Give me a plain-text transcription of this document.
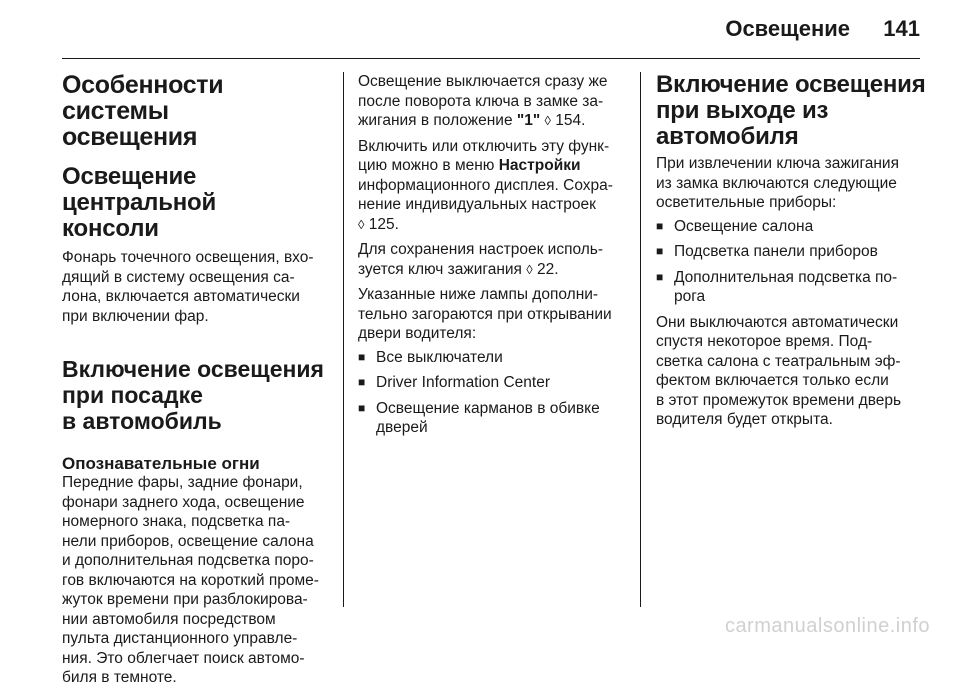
Освещение 141
Особенности системы
освещения
Освещение центральной
консоли

Фонарь точечного освещения, вхо-
дящий в систему освещения са-
лона, включается автоматически
при включении фар.

Включение освещения
при посадке
в автомобиль
Опознавательные огни

Передние фары, задние фонари,
фонари заднего хода, освещение
номерного знака, подсветка па-
нели приборов, освещение салона
и дополнительная подсветка поро-
гов включаются на короткий проме-
жуток времени при разблокирова-
нии автомобиля посредством
пульта дистанционного управле-
ния. Это облегчает поиск автомо-
биля в темноте.

Освещение выключается сразу же
после поворота ключа в замке за-
жигания в положение "1" ◊ 154.

Включить или отключить эту функ-
цию можно в меню Настройки
информационного дисплея. Сохра-
нение индивидуальных настроек
◊ 125.

Для сохранения настроек исполь-
зуется ключ зажигания ◊ 22.

Указанные ниже лампы дополни-
тельно загораются при открывании
двери водителя:

■ Все выключатели
■ Driver Information Center
■ Освещение карманов в обивке дверей
Включение освещения
при выходе из
автомобиля

При извлечении ключа зажигания
из замка включаются следующие
осветительные приборы:

■ Освещение салона
■ Подсветка панели приборов
■ Дополнительная подсветка по-рога

Они выключаются автоматически
спустя некоторое время. Под-
светка салона с театральным эф-
фектом включается только если
в этот промежуток времени дверь
водителя будет открыта.

carmanualsonline.info
